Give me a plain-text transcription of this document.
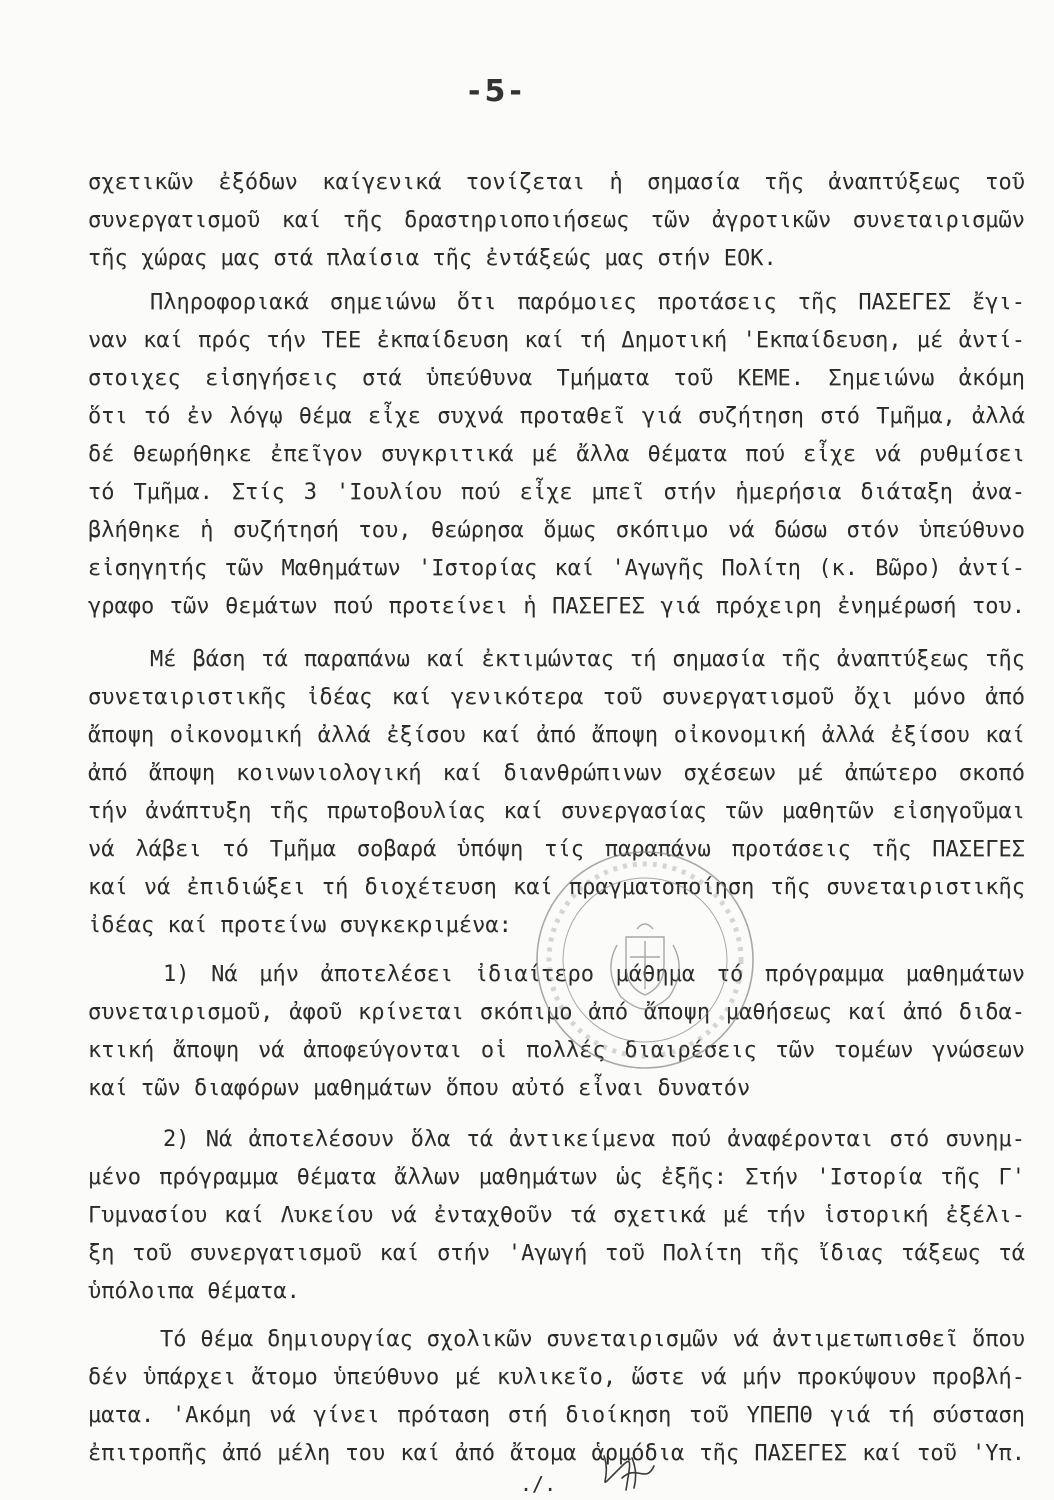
-5-
σχετικῶν ἐξόδων καίγενικά τονίζεται ἡ σημασία τῆς ἀναπτύξεως τοῦ
συνεργατισμοῦ καί τῆς δραστηριοποιήσεως τῶν ἀγροτικῶν συνεταιρισμῶν
τῆς χώρας μας στά πλαίσια τῆς ἐντάξεώς μας στήν ΕΟΚ.
Πληροφοριακά σημειώνω ὅτι παρόμοιες προτάσεις τῆς ΠΑΣΕΓΕΣ ἔγι-
ναν καί πρός τήν ΤΕΕ ἐκπαίδευση καί τή Δημοτική 'Εκπαίδευση, μέ ἀντί-
στοιχες εἰσηγήσεις στά ὑπεύθυνα Τμήματα τοῦ ΚΕΜΕ. Σημειώνω ἀκόμη
ὅτι τό ἐν λόγῳ θέμα εἶχε συχνά προταθεῖ γιά συζήτηση στό Τμῆμα, ἀλλά
δέ θεωρήθηκε ἐπεῖγον συγκριτικά μέ ἄλλα θέματα πού εἶχε νά ρυθμίσει
τό Τμῆμα. Στίς 3 'Ιουλίου πού εἶχε μπεῖ στήν ἡμερήσια διάταξη ἀνα-
βλήθηκε ἡ συζήτησή του, θεώρησα ὅμως σκόπιμο νά δώσω στόν ὑπεύθυνο
εἰσηγητής τῶν Μαθημάτων 'Ιστορίας καί 'Αγωγῆς Πολίτη (κ. Βῶρο) ἀντί-
γραφο τῶν θεμάτων πού προτείνει ἡ ΠΑΣΕΓΕΣ γιά πρόχειρη ἐνημέρωσή του.
Μέ βάση τά παραπάνω καί ἐκτιμώντας τή σημασία τῆς ἀναπτύξεως τῆς
συνεταιριστικῆς ἰδέας καί γενικότερα τοῦ συνεργατισμοῦ ὄχι μόνο ἀπό
ἄποψη οἰκονομική ἀλλά ἐξίσου καί ἀπό ἄποψη οἰκονομική ἀλλά ἐξίσου καί
ἀπό ἄποψη κοινωνιολογική καί διανθρώπινων σχέσεων μέ ἀπώτερο σκοπό
τήν ἀνάπτυξη τῆς πρωτοβουλίας καί συνεργασίας τῶν μαθητῶν εἰσηγοῦμαι
νά λάβει τό Τμῆμα σοβαρά ὑπόψη τίς παραπάνω προτάσεις τῆς ΠΑΣΕΓΕΣ
καί νά ἐπιδιώξει τή διοχέτευση καί πραγματοποίηση τῆς συνεταιριστικῆς
ἰδέας καί προτείνω συγκεκριμένα:
1) Νά μήν ἀποτελέσει ἰδιαίτερο μάθημα τό πρόγραμμα μαθημάτων
συνεταιρισμοῦ, ἀφοῦ κρίνεται σκόπιμο ἀπό ἄποψη μαθήσεως καί ἀπό διδα-
κτική ἄποψη νά ἀποφεύγονται οἱ πολλές διαιρέσεις τῶν τομέων γνώσεων
καί τῶν διαφόρων μαθημάτων ὅπου αὐτό εἶναι δυνατόν
2) Νά ἀποτελέσουν ὅλα τά ἀντικείμενα πού ἀναφέρονται στό συνημ-
μένο πρόγραμμα θέματα ἄλλων μαθημάτων ὡς ἐξῆς: Στήν 'Ιστορία τῆς Γ'
Γυμνασίου καί Λυκείου νά ἐνταχθοῦν τά σχετικά μέ τήν ἱστορική ἐξέλι-
ξη τοῦ συνεργατισμοῦ καί στήν 'Αγωγή τοῦ Πολίτη τῆς ἴδιας τάξεως τά
ὑπόλοιπα θέματα.
Τό θέμα δημιουργίας σχολικῶν συνεταιρισμῶν νά ἀντιμετωπισθεῖ ὅπου
δέν ὑπάρχει ἄτομο ὑπεύθυνο μέ κυλικεῖο, ὥστε νά μήν προκύψουν προβλή-
ματα. 'Ακόμη νά γίνει πρόταση στή διοίκηση τοῦ ΥΠΕΠΘ γιά τή σύσταση
ἐπιτροπῆς ἀπό μέλη του καί ἀπό ἄτομα ἁρμόδια τῆς ΠΑΣΕΓΕΣ καί τοῦ 'Υπ.
./.
